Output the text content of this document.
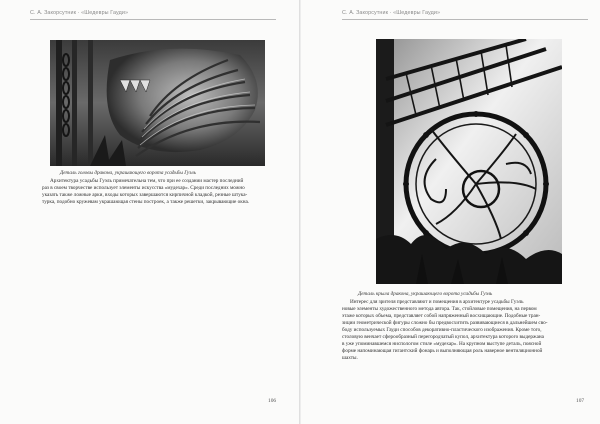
С. А. Закорсутник · «Шедевры Гауди»
Деталь головы дракона, украшающего ворота усадьбы Гуэль
Архитектура усадьбы Гуэль примечательна тем, что при ее создании мастер последний
раз в своем творчестве использует элементы искусства «мудехар». Среди последних можно
указать также ложные арки, входы которых завершаются кирпичной кладкой, резные штука-
турка, подобно кружевам украшающая стены построек, а также решетки, закрывающие окна.
106
С. А. Закорсутник · «Шедевры Гауди»
Деталь крыла дракона, украшающего ворота усадьбы Гуэль
Интерес для зрителя представляют и помещения в архитектуре усадьбы Гуэль
новые элементы художественного метода автора. Так, стойловые помещения, на первом
этаже которых объема, представляет собой напряженный восхищающие. Подобные тран-
зиции геометрической фигуры сложно бы предвосхитить развивающиеся в дальнейшем сво-
боду используемых Гауди способов декоративно-пластического изображения. Кроме того,
столовую венчает сферообразный перегородчатый купол, архитектура которого выдержана
в уже упоминавшемся ниспологом стиле «мудехар». На крупном выступе деталь, поясной
форме напоминающая гигантский фонарь и выполняющая роль наверное вентиляционной
шахты.
107
